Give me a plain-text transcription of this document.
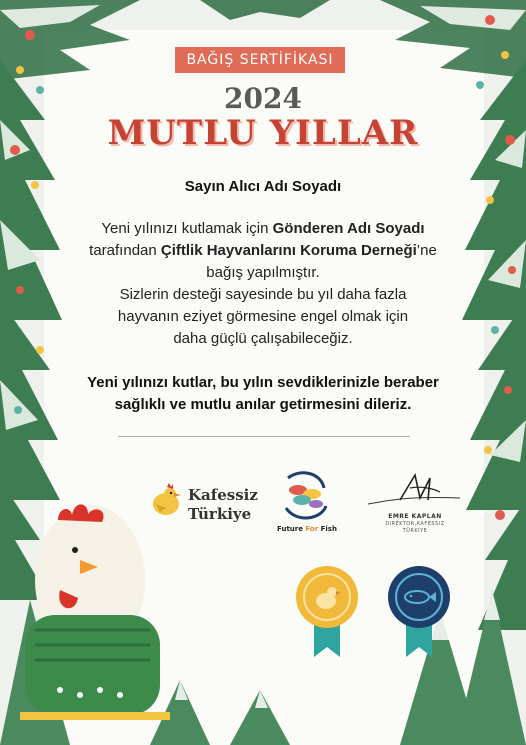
BAĞIŞ SERTİFİKASI
2024
MUTLU YILLAR
Sayın Alıcı Adı Soyadı
Yeni yılınızı kutlamak için Gönderen Adı Soyadı
tarafından Çiftlik Hayvanlarını Koruma Derneği’ne
bağış yapılmıştır.
Sizlerin desteği sayesinde bu yıl daha fazla
hayvanın eziyet görmesine engel olmak için
daha güçlü çalışabileceğiz.
Yeni yılınızı kutlar, bu yılın sevdiklerinizle beraber
sağlıklı ve mutlu anılar getirmesini dileriz.
Kafessiz
Türkiye
Future For Fish
EMRE KAPLAN
DIREKTOR,KAFESSIZ
TÜRKIYE
